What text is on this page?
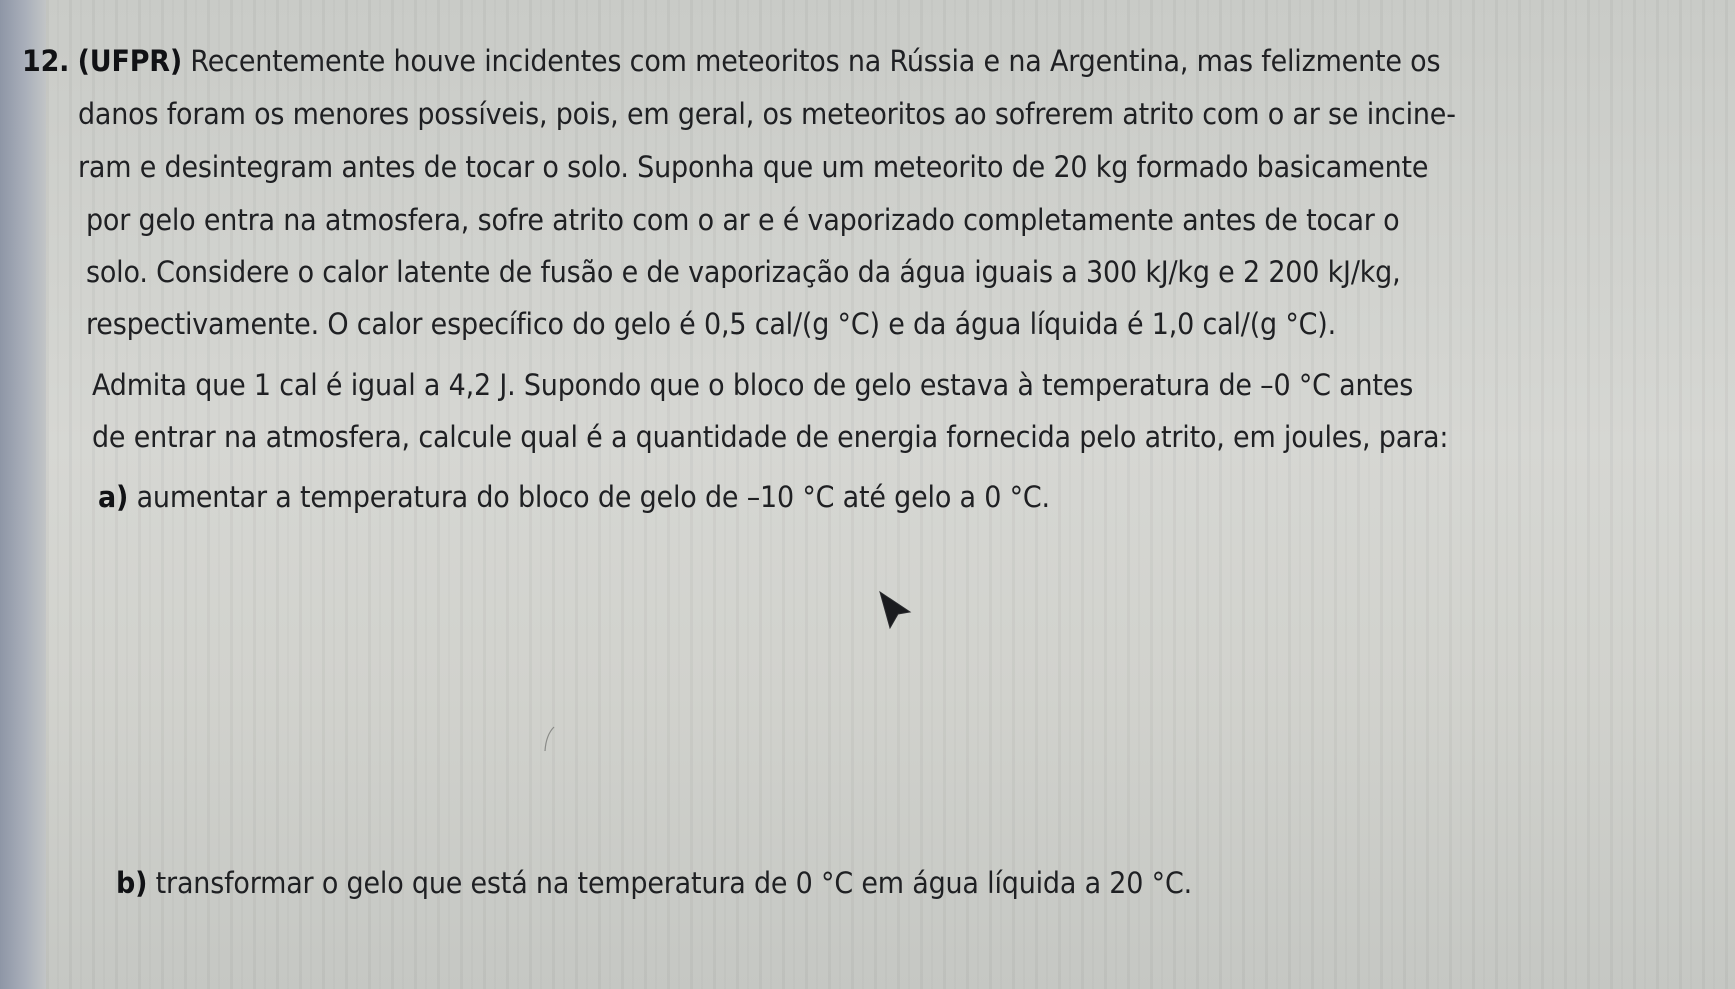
12. (UFPR) Recentemente houve incidentes com meteoritos na Rússia e na Argentina, mas felizmente os
danos foram os menores possíveis, pois, em geral, os meteoritos ao sofrerem atrito com o ar se incine-
ram e desintegram antes de tocar o solo. Suponha que um meteorito de 20 kg formado basicamente
por gelo entra na atmosfera, sofre atrito com o ar e é vaporizado completamente antes de tocar o
solo. Considere o calor latente de fusão e de vaporização da água iguais a 300 kJ/kg e 2 200 kJ/kg,
respectivamente. O calor específico do gelo é 0,5 cal/(g °C) e da água líquida é 1,0 cal/(g °C).
Admita que 1 cal é igual a 4,2 J. Supondo que o bloco de gelo estava à temperatura de –0 °C antes
de entrar na atmosfera, calcule qual é a quantidade de energia fornecida pelo atrito, em joules, para:
a) aumentar a temperatura do bloco de gelo de –10 °C até gelo a 0 °C.
b) transformar o gelo que está na temperatura de 0 °C em água líquida a 20 °C.
